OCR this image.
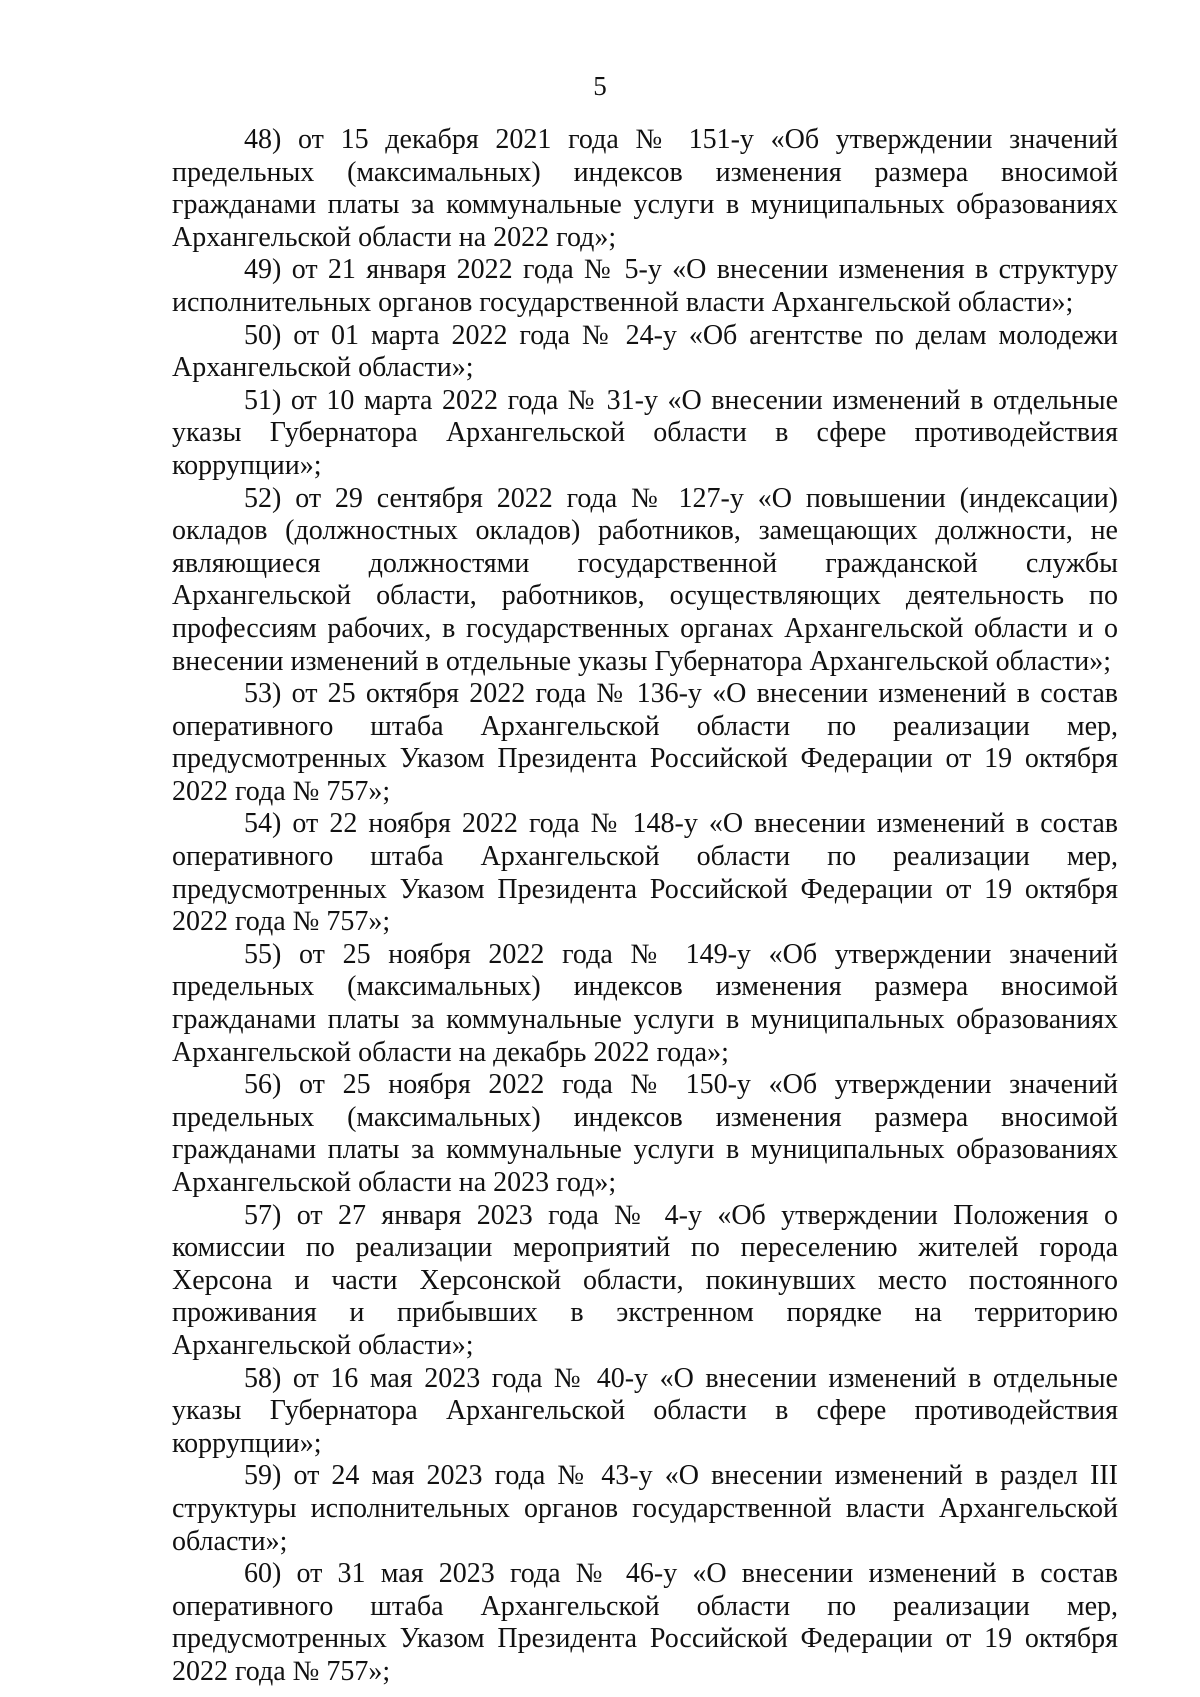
5

48) от 15 декабря 2021 года № 151-у «Об утверждении значений предельных (максимальных) индексов изменения размера вносимой гражданами платы за коммунальные услуги в муниципальных образованиях Архангельской области на 2022 год»;

49) от 21 января 2022 года № 5-у «О внесении изменения в структуру исполнительных органов государственной власти Архангельской области»;

50) от 01 марта 2022 года № 24-у «Об агентстве по делам молодежи Архангельской области»;

51) от 10 марта 2022 года № 31-у «О внесении изменений в отдельные указы Губернатора Архангельской области в сфере противодействия коррупции»;

52) от 29 сентября 2022 года № 127-у «О повышении (индексации) окладов (должностных окладов) работников, замещающих должности, не являющиеся должностями государственной гражданской службы Архангельской области, работников, осуществляющих деятельность по профессиям рабочих, в государственных органах Архангельской области и о внесении изменений в отдельные указы Губернатора Архангельской области»;

53) от 25 октября 2022 года № 136-у «О внесении изменений в состав оперативного штаба Архангельской области по реализации мер, предусмотренных Указом Президента Российской Федерации от 19 октября 2022 года № 757»;

54) от 22 ноября 2022 года № 148-у «О внесении изменений в состав оперативного штаба Архангельской области по реализации мер, предусмотренных Указом Президента Российской Федерации от 19 октября 2022 года № 757»;

55) от 25 ноября 2022 года № 149-у «Об утверждении значений предельных (максимальных) индексов изменения размера вносимой гражданами платы за коммунальные услуги в муниципальных образованиях Архангельской области на декабрь 2022 года»;

56) от 25 ноября 2022 года № 150-у «Об утверждении значений предельных (максимальных) индексов изменения размера вносимой гражданами платы за коммунальные услуги в муниципальных образованиях Архангельской области на 2023 год»;

57) от 27 января 2023 года № 4-у «Об утверждении Положения о комиссии по реализации мероприятий по переселению жителей города Херсона и части Херсонской области, покинувших место постоянного проживания и прибывших в экстренном порядке на территорию Архангельской области»;

58) от 16 мая 2023 года № 40-у «О внесении изменений в отдельные указы Губернатора Архангельской области в сфере противодействия коррупции»;

59) от 24 мая 2023 года № 43-у «О внесении изменений в раздел III структуры исполнительных органов государственной власти Архангельской области»;

60) от 31 мая 2023 года № 46-у «О внесении изменений в состав оперативного штаба Архангельской области по реализации мер, предусмотренных Указом Президента Российской Федерации от 19 октября 2022 года № 757»;
